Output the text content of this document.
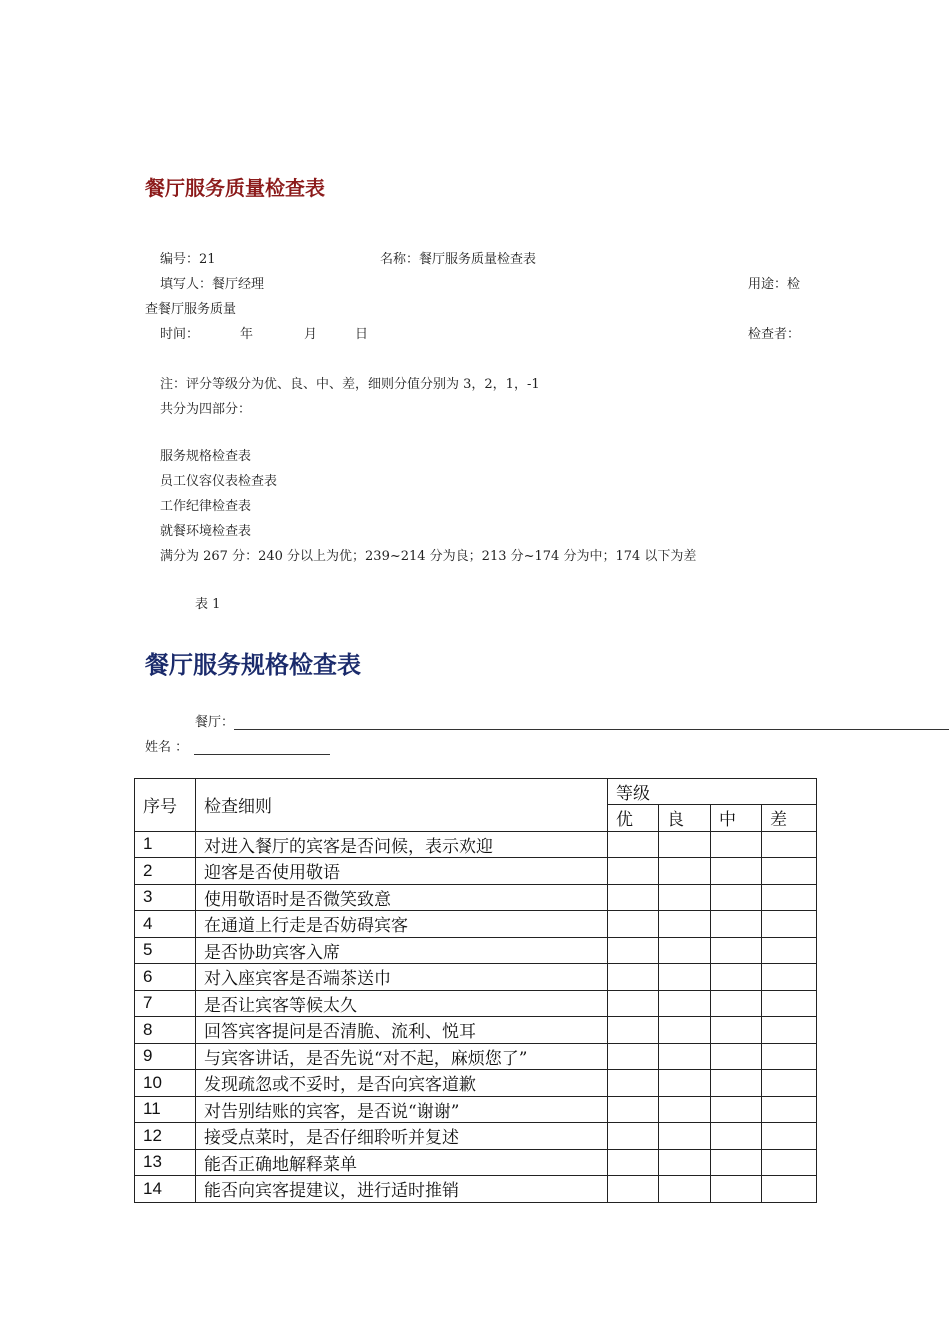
餐厅服务质量检查表
编号：21	名称：餐厅服务质量检查表
填写人：餐厅经理	用途：检
查餐厅服务质量
时间：	年	月	日	检查者：
注：评分等级分为优、良、中、差，细则分值分别为 3，2，1，-1
共分为四部分：
服务规格检查表
员工仪容仪表检查表
工作纪律检查表
就餐环境检查表
满分为 267 分：240 分以上为优；239~214 分为良；213 分~174 分为中；174 以下为差
表 1
餐厅服务规格检查表
餐厅：
姓名 ：
序号	检查细则	等级			
		优	良	中	差
1	对进入餐厅的宾客是否问候，表示欢迎				
2	迎客是否使用敬语				
3	使用敬语时是否微笑致意				
4	在通道上行走是否妨碍宾客				
5	是否协助宾客入席				
6	对入座宾客是否端茶送巾				
7	是否让宾客等候太久				
8	回答宾客提问是否清脆、流利、悦耳				
9	与宾客讲话，是否先说“对不起，麻烦您了”				
10	发现疏忽或不妥时，是否向宾客道歉				
11	对告别结账的宾客，是否说“谢谢”				
12	接受点菜时，是否仔细聆听并复述				
13	能否正确地解释菜单				
14	能否向宾客提建议，进行适时推销				
